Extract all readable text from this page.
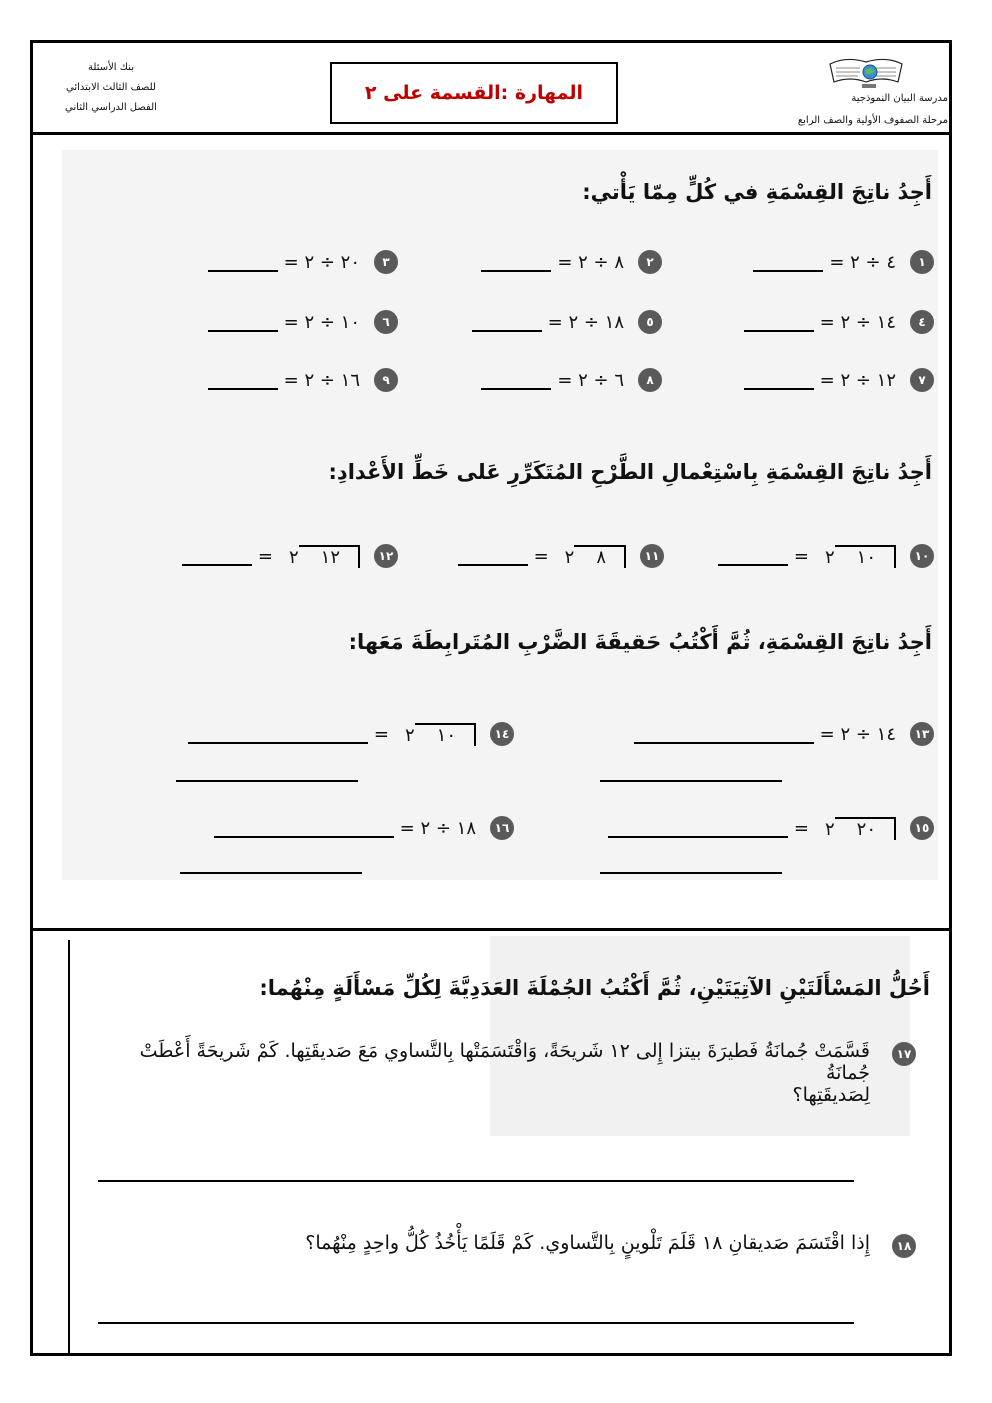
بنك الأسئلة
للصف الثالث الابتدائي
الفصل الدراسي الثاني
المهارة :القسمة على ٢	مدرسة البيان النموذجية
مرحلة الصفوف الأولية والصف الرابع
أَجِدُ ناتِجَ القِسْمَةِ في كُلٍّ مِمّا يَأْتي:
١
٤ ÷ ٢ =
٢
٨ ÷ ٢ =
٣
٢٠ ÷ ٢ =
٤
١٤ ÷ ٢ =
٥
١٨ ÷ ٢ =
٦
١٠ ÷ ٢ =
٧
١٢ ÷ ٢ =
٨
٦ ÷ ٢ =
٩
١٦ ÷ ٢ =
أَجِدُ ناتِجَ القِسْمَةِ بِاسْتِعْمالِ الطَّرْحِ المُتَكَرِّرِ عَلى خَطِّ الأَعْدادِ:
١٠
١٠
٢
=
١١
٨
٢
=
١٢
١٢
٢
=
أَجِدُ ناتِجَ القِسْمَةِ، ثُمَّ أَكْتُبُ حَقيقَةَ الضَّرْبِ المُتَرابِطَةَ مَعَها:
١٣
١٤ ÷ ٢ =
١٤
١٠
٢
=
١٥
٢٠
٢
=
١٦
١٨ ÷ ٢ =
أَحُلُّ المَسْأَلَتَيْنِ الآتِيَتَيْنِ، ثُمَّ أَكْتُبُ الجُمْلَةَ العَدَدِيَّةَ لِكُلِّ مَسْأَلَةٍ مِنْهُما:
١٧
قَسَّمَتْ جُمانَةُ فَطيرَةَ بيتزا إِلى ١٢ شَريحَةً، وَاقْتَسَمَتْها بِالتَّساوي مَعَ صَديقَتِها. كَمْ شَريحَةً أَعْطَتْ جُمانَةُ
لِصَديقَتِها؟
١٨
إِذا اقْتَسَمَ صَديقانِ ١٨ قَلَمَ تَلْوينٍ بِالتَّساوي. كَمْ قَلَمًا يَأْخُذُ كُلُّ واحِدٍ مِنْهُما؟
